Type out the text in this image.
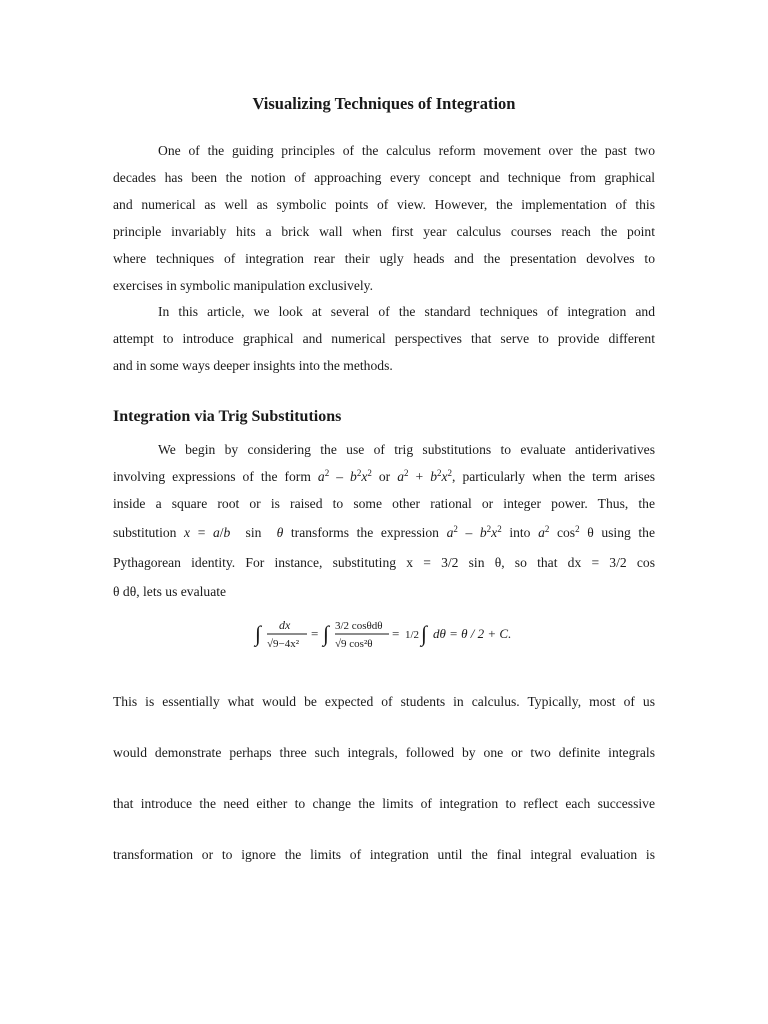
Visualizing Techniques of Integration
One of the guiding principles of the calculus reform movement over the past two
decades has been the notion of approaching every concept and technique from graphical
and numerical as well as symbolic points of view. However, the implementation of this
principle invariably hits a brick wall when first year calculus courses reach the point
where techniques of integration rear their ugly heads and the presentation devolves to
exercises in symbolic manipulation exclusively.
In this article, we look at several of the standard techniques of integration and
attempt to introduce graphical and numerical perspectives that serve to provide different
and in some ways deeper insights into the methods.
Integration via Trig Substitutions
We begin by considering the use of trig substitutions to evaluate antiderivatives
involving expressions of the form $a^2 - b^2x^2$ or $a^2 + b^2x^2$, particularly when the term arises
inside a square root or is raised to some other rational or integer power. Thus, the
substitution x = a/b  sin  θ transforms the expression $a^2 - b^2x^2$ into $a^2$ $\cos^2 \theta$ using the
Pythagorean identity. For instance, substituting x = 3/2 sin θ, so that dx = 3/2 cos
θ dθ, lets us evaluate
∫ dx
√9−4x²
= ∫ 3/2 cosθdθ
√9 cos²θ
= 1/2 ∫ dθ = θ / 2 + C.
This is essentially what would be expected of students in calculus. Typically, most of us
would demonstrate perhaps three such integrals, followed by one or two definite integrals
that introduce the need either to change the limits of integration to reflect each successive
transformation or to ignore the limits of integration until the final integral evaluation is
